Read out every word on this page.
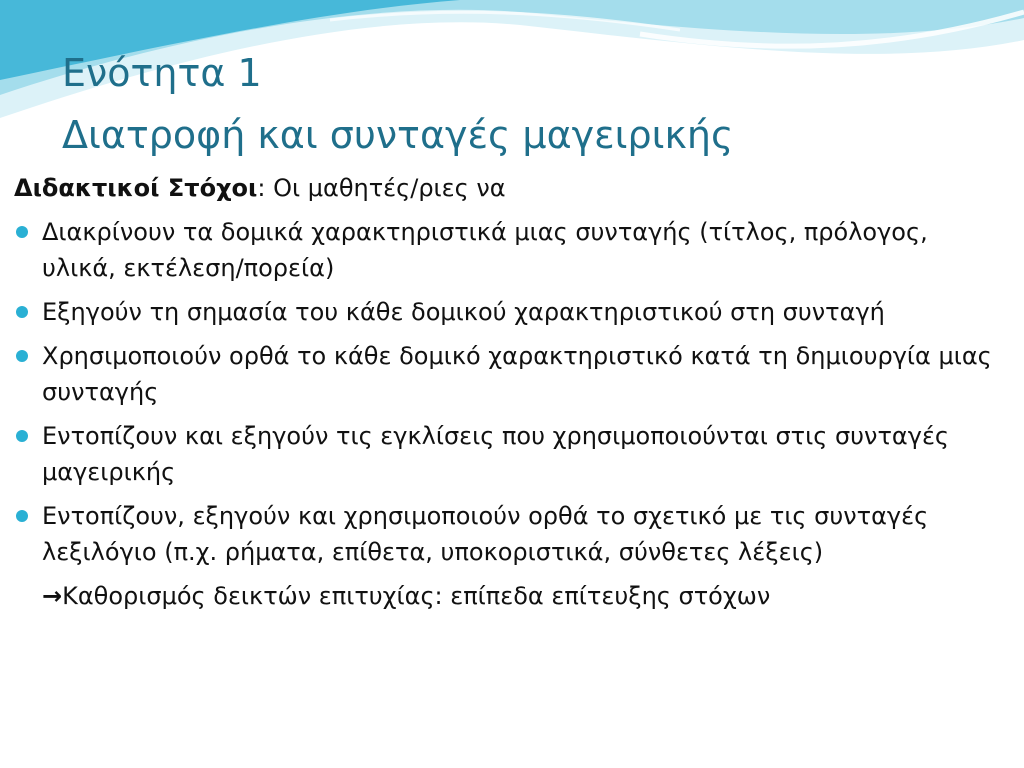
Ενότητα 1
Διατροφή και συνταγές μαγειρικής

Διδακτικοί Στόχοι: Οι μαθητές/ριες να

Διακρίνουν τα δομικά χαρακτηριστικά μιας συνταγής (τίτλος, πρόλογος, υλικά, εκτέλεση/πορεία)
Εξηγούν τη σημασία του κάθε δομικού χαρακτηριστικού στη συνταγή
Χρησιμοποιούν ορθά το κάθε δομικό χαρακτηριστικό κατά τη δημιουργία μιας συνταγής
Εντοπίζουν και εξηγούν τις εγκλίσεις που χρησιμοποιούνται στις συνταγές μαγειρικής
Εντοπίζουν, εξηγούν και χρησιμοποιούν ορθά το σχετικό με τις συνταγές λεξιλόγιο (π.χ. ρήματα, επίθετα, υποκοριστικά, σύνθετες λέξεις)

→Καθορισμός δεικτών επιτυχίας: επίπεδα επίτευξης στόχων
